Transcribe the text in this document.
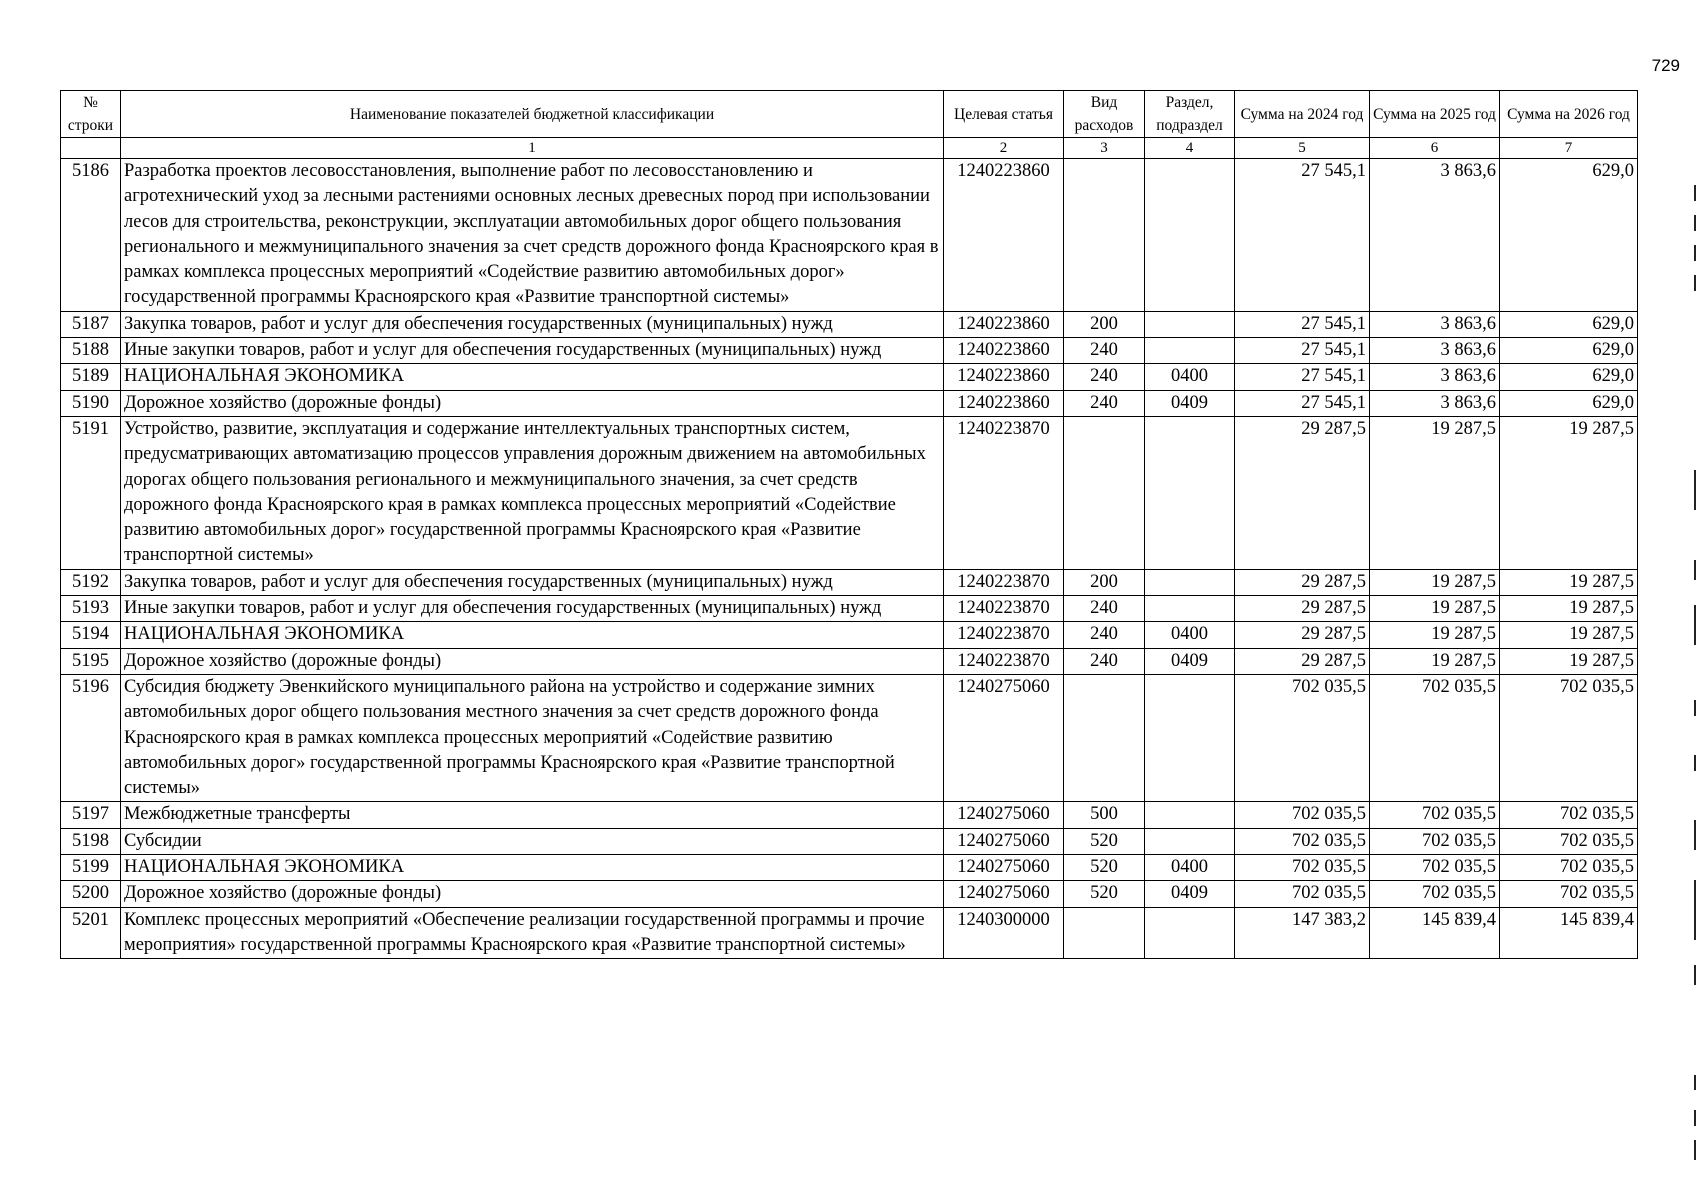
729
№ строки	Наименование показателей бюджетной классификации	Целевая статья	Вид расходов	Раздел, подраздел	Сумма на 2024 год	Сумма на 2025 год	Сумма на 2026 год
	1	2	3	4	5	6	7
5186	Разработка проектов лесовосстановления, выполнение работ по лесовосстановлению и агротехнический уход за лесными растениями основных лесных древесных пород при использовании лесов для строительства, реконструкции, эксплуатации автомобильных дорог общего пользования регионального и межмуниципального значения за счет средств дорожного фонда Красноярского края в рамках комплекса процессных мероприятий «Содействие развитию автомобильных дорог» государственной программы Красноярского края «Развитие транспортной системы»	1240223860			27 545,1	3 863,6	629,0
5187	Закупка товаров, работ и услуг для обеспечения государственных (муниципальных) нужд	1240223860	200		27 545,1	3 863,6	629,0
5188	Иные закупки товаров, работ и услуг для обеспечения государственных (муниципальных) нужд	1240223860	240		27 545,1	3 863,6	629,0
5189	НАЦИОНАЛЬНАЯ ЭКОНОМИКА	1240223860	240	0400	27 545,1	3 863,6	629,0
5190	Дорожное хозяйство (дорожные фонды)	1240223860	240	0409	27 545,1	3 863,6	629,0
5191	Устройство, развитие, эксплуатация и содержание интеллектуальных транспортных систем, предусматривающих автоматизацию процессов управления дорожным движением на автомобильных дорогах общего пользования регионального и межмуниципального значения, за счет средств дорожного фонда Красноярского края в рамках комплекса процессных мероприятий «Содействие развитию автомобильных дорог» государственной программы Красноярского края «Развитие транспортной системы»	1240223870			29 287,5	19 287,5	19 287,5
5192	Закупка товаров, работ и услуг для обеспечения государственных (муниципальных) нужд	1240223870	200		29 287,5	19 287,5	19 287,5
5193	Иные закупки товаров, работ и услуг для обеспечения государственных (муниципальных) нужд	1240223870	240		29 287,5	19 287,5	19 287,5
5194	НАЦИОНАЛЬНАЯ ЭКОНОМИКА	1240223870	240	0400	29 287,5	19 287,5	19 287,5
5195	Дорожное хозяйство (дорожные фонды)	1240223870	240	0409	29 287,5	19 287,5	19 287,5
5196	Субсидия бюджету Эвенкийского муниципального района на устройство и содержание зимних автомобильных дорог общего пользования местного значения за счет средств дорожного фонда Красноярского края в рамках комплекса процессных мероприятий «Содействие развитию автомобильных дорог» государственной программы Красноярского края «Развитие транспортной системы»	1240275060			702 035,5	702 035,5	702 035,5
5197	Межбюджетные трансферты	1240275060	500		702 035,5	702 035,5	702 035,5
5198	Субсидии	1240275060	520		702 035,5	702 035,5	702 035,5
5199	НАЦИОНАЛЬНАЯ ЭКОНОМИКА	1240275060	520	0400	702 035,5	702 035,5	702 035,5
5200	Дорожное хозяйство (дорожные фонды)	1240275060	520	0409	702 035,5	702 035,5	702 035,5
5201	Комплекс процессных мероприятий «Обеспечение реализации государственной программы и прочие мероприятия» государственной программы Красноярского края «Развитие транспортной системы»	1240300000			147 383,2	145 839,4	145 839,4
